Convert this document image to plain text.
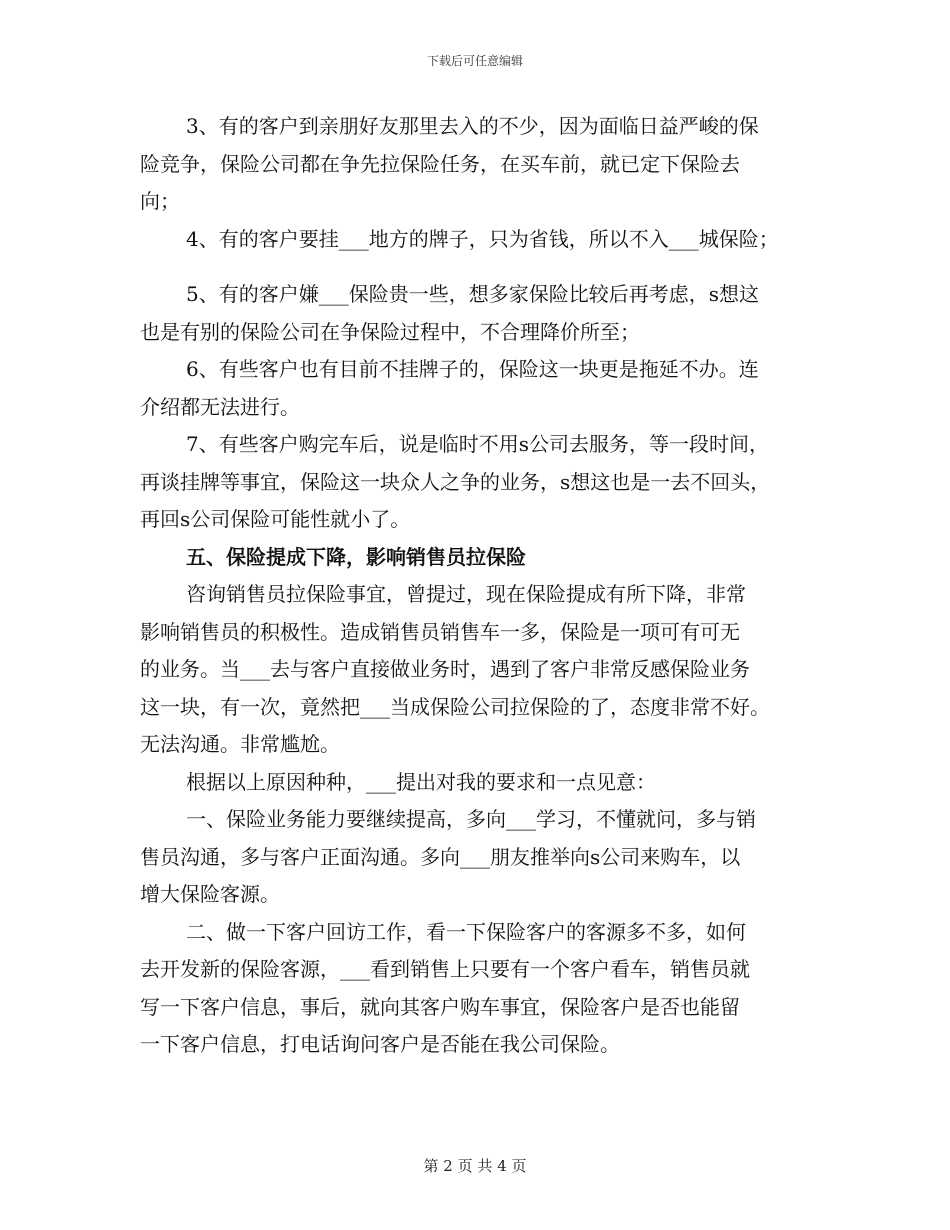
下载后可任意编辑
3、有的客户到亲朋好友那里去入的不少，因为面临日益严峻的保
险竞争，保险公司都在争先拉保险任务，在买车前，就已定下保险去
向；
4、有的客户要挂___地方的牌子，只为省钱，所以不入___城保险；
5、有的客户嫌___保险贵一些，想多家保险比较后再考虑，s想这
也是有别的保险公司在争保险过程中，不合理降价所至；
6、有些客户也有目前不挂牌子的，保险这一块更是拖延不办。连
介绍都无法进行。
7、有些客户购完车后，说是临时不用s公司去服务，等一段时间，
再谈挂牌等事宜，保险这一块众人之争的业务，s想这也是一去不回头，
再回s公司保险可能性就小了。
五、保险提成下降，影响销售员拉保险
咨询销售员拉保险事宜，曾提过，现在保险提成有所下降，非常
影响销售员的积极性。造成销售员销售车一多，保险是一项可有可无
的业务。当___去与客户直接做业务时，遇到了客户非常反感保险业务
这一块，有一次，竟然把___当成保险公司拉保险的了，态度非常不好。
无法沟通。非常尴尬。
根据以上原因种种，___提出对我的要求和一点见意：
一、保险业务能力要继续提高，多向___学习，不懂就问，多与销
售员沟通，多与客户正面沟通。多向___朋友推举向s公司来购车，以
增大保险客源。
二、做一下客户回访工作，看一下保险客户的客源多不多，如何
去开发新的保险客源，___看到销售上只要有一个客户看车，销售员就
写一下客户信息，事后，就向其客户购车事宜，保险客户是否也能留
一下客户信息，打电话询问客户是否能在我公司保险。
第 2 页 共 4 页
